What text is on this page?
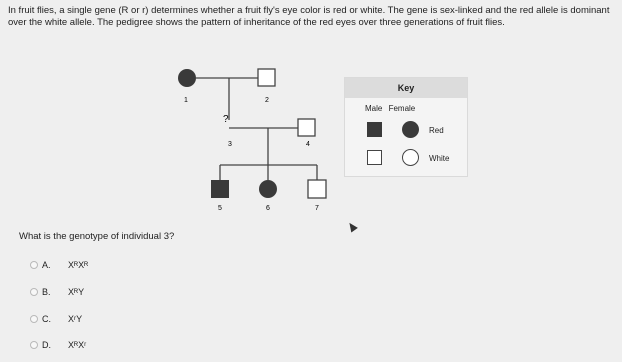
In fruit flies, a single gene (R or r) determines whether a fruit fly's eye color is red or white. The gene is sex-linked and the red allele is dominant over the white allele. The pedigree shows the pattern of inheritance of the red eyes over three generations of fruit flies.
1	2
?
3	4
5	6	7
Key
Male Female
Red
White
What is the genotype of individual 3?
A.	XᴿXᴿ
B.	XᴿY
C.	XʳY
D.	XᴿXʳ
